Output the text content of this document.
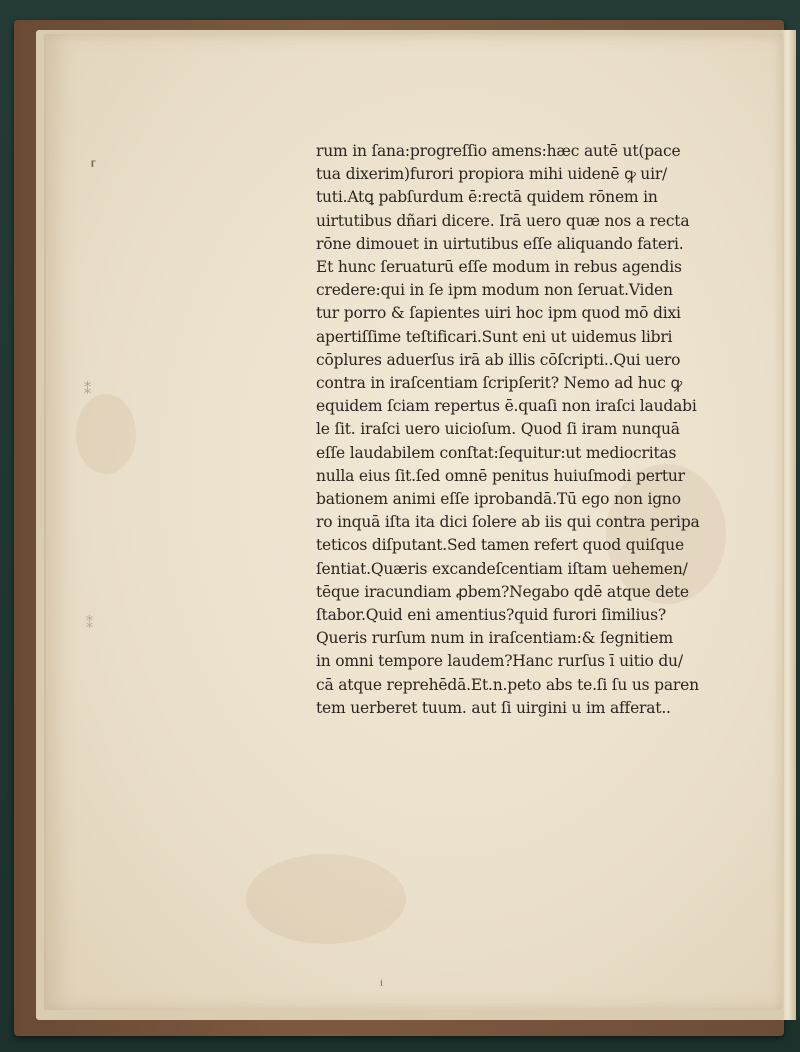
⸢
⁑
⁑
ⁱ
rum in ſana:progreſſio amens:hæc autē ut(pace
tua dixerim)furori propiora mihi uidenē ꝙ uir/
tuti.Atꝗ pabſurdum ē:rectā quidem rōnem in
uirtutibus dñari dicere. Irā uero quæ nos a recta
rōne dimouet in uirtutibus eſſe aliquando fateri.
Et hunc ſeruaturū eſſe modum in rebus agendis
credere:qui in ſe ipm modum non ſeruat.Viden
tur porro & ſapientes uiri hoc ipm quod mō dixi
apertiſſime teſtificari.Sunt eni ut uidemus libri
cōplures aduerſus irā ab illis cōſcripti..Qui uero
contra in iraſcentiam ſcripſerit? Nemo ad huc ꝙ
equidem ſciam repertus ē.quaſi non iraſci laudabi
le ſit. iraſci uero uicioſum. Quod ſi iram nunquā
eſſe laudabilem conſtat:ſequitur:ut mediocritas
nulla eius ſit.ſed omnē penitus huiuſmodi pertur
bationem animi eſſe iprobandā.Tū ego non igno
ro inquā iſta ita dici ſolere ab iis qui contra peripa
teticos diſputant.Sed tamen refert quod quiſque
ſentiat.Quæris excandeſcentiam iſtam uehemen/
tēque iracundiam ꝓbem?Negabo qdē atque dete
ſtabor.Quid eni amentius?quid furori ſimilius?
Queris rurſum num in iraſcentiam:& ſegnitiem
in omni tempore laudem?Hanc rurſus ī uitio du/
cā atque reprehēdā.Et.n.peto abs te.ſi ſu us paren
tem uerberet tuum. aut ſi uirgini u im afferat..
